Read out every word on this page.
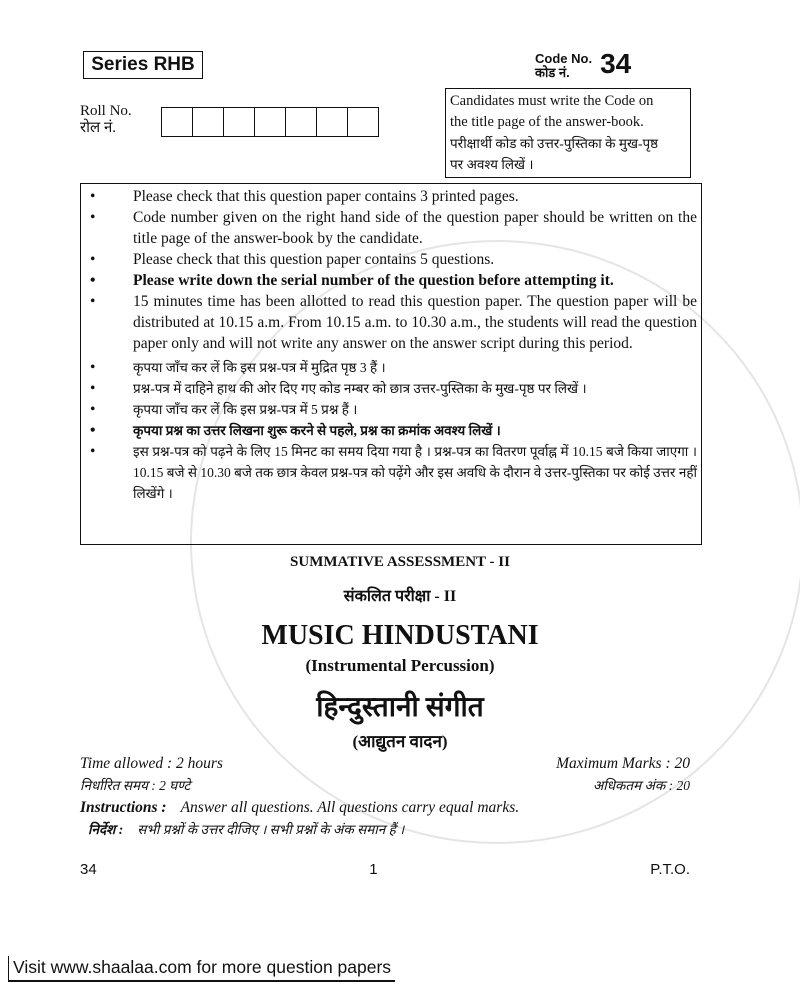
Series RHB	Code No.
कोड नं. 34
Roll No.
रोल नं.
Candidates must write the Code on
the title page of the answer-book.
परीक्षार्थी कोड को उत्तर-पुस्तिका के मुख-पृष्ठ
पर अवश्य लिखें ।
•	Please check that this question paper contains 3 printed pages.
•	Code number given on the right hand side of the question paper should be written on the title page of the answer-book by the candidate.
•	Please check that this question paper contains 5 questions.
•	Please write down the serial number of the question before attempting it.
•	15 minutes time has been allotted to read this question paper. The question paper will be distributed at 10.15 a.m. From 10.15 a.m. to 10.30 a.m., the students will read the question paper only and will not write any answer on the answer script during this period.
•	कृपया जाँच कर लें कि इस प्रश्न-पत्र में मुद्रित पृष्ठ 3 हैं ।
•	प्रश्न-पत्र में दाहिने हाथ की ओर दिए गए कोड नम्बर को छात्र उत्तर-पुस्तिका के मुख-पृष्ठ पर लिखें ।
•	कृपया जाँच कर लें कि इस प्रश्न-पत्र में 5 प्रश्न हैं ।
•	कृपया प्रश्न का उत्तर लिखना शुरू करने से पहले, प्रश्न का क्रमांक अवश्य लिखें ।
•	इस प्रश्न-पत्र को पढ़ने के लिए 15 मिनट का समय दिया गया है । प्रश्न-पत्र का वितरण पूर्वाह्न में 10.15 बजे किया जाएगा । 10.15 बजे से 10.30 बजे तक छात्र केवल प्रश्न-पत्र को पढ़ेंगे और इस अवधि के दौरान वे उत्तर-पुस्तिका पर कोई उत्तर नहीं लिखेंगे ।
SUMMATIVE ASSESSMENT - II
संकलित परीक्षा - II
MUSIC HINDUSTANI
(Instrumental Percussion)
हिन्दुस्तानी संगीत
(आद्युतन वादन)
Time allowed : 2 hours	Maximum Marks : 20
निर्धारित समय : 2 घण्टे	अधिकतम अंक : 20
Instructions : Answer all questions. All questions carry equal marks.
निर्देश : सभी प्रश्नों के उत्तर दीजिए । सभी प्रश्नों के अंक समान हैं ।
34	1	P.T.O.
Visit www.shaalaa.com for more question papers
